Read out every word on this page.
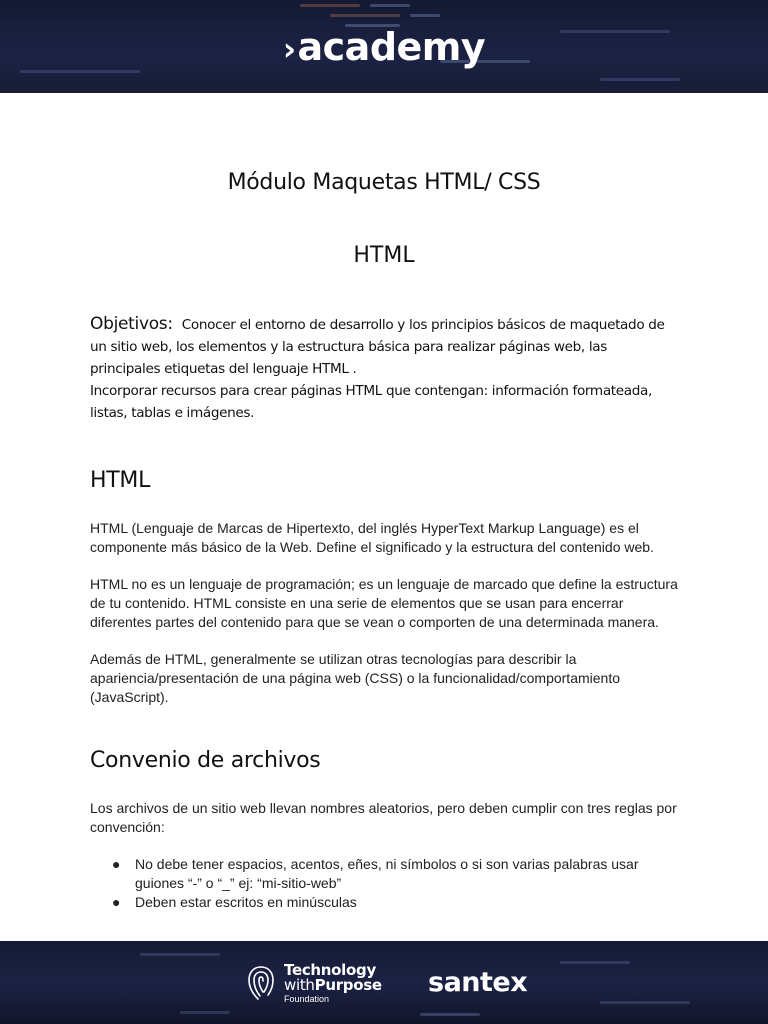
›academy
Módulo Maquetas HTML/ CSS
HTML

Objetivos: Conocer el entorno de desarrollo y los principios básicos de maquetado de un sitio web, los elementos y la estructura básica para realizar páginas web, las principales etiquetas del lenguaje HTML .
Incorporar recursos para crear páginas HTML que contengan: información formateada, listas, tablas e imágenes.

HTML

HTML (Lenguaje de Marcas de Hipertexto, del inglés HyperText Markup Language) es el componente más básico de la Web. Define el significado y la estructura del contenido web.

HTML no es un lenguaje de programación; es un lenguaje de marcado que define la estructura de tu contenido. HTML consiste en una serie de elementos que se usan para encerrar diferentes partes del contenido para que se vean o comporten de una determinada manera.

Además de HTML, generalmente se utilizan otras tecnologías para describir la apariencia/presentación de una página web (CSS) o la funcionalidad/comportamiento (JavaScript).

Convenio de archivos

Los archivos de un sitio web llevan nombres aleatorios, pero deben cumplir con tres reglas por convención:

● No debe tener espacios, acentos, eñes, ni símbolos o si son varias palabras usar guiones “-” o “_” ej: “mi-sitio-web”
● Deben estar escritos en minúsculas
Technology
withPurpose
Foundation
santex
